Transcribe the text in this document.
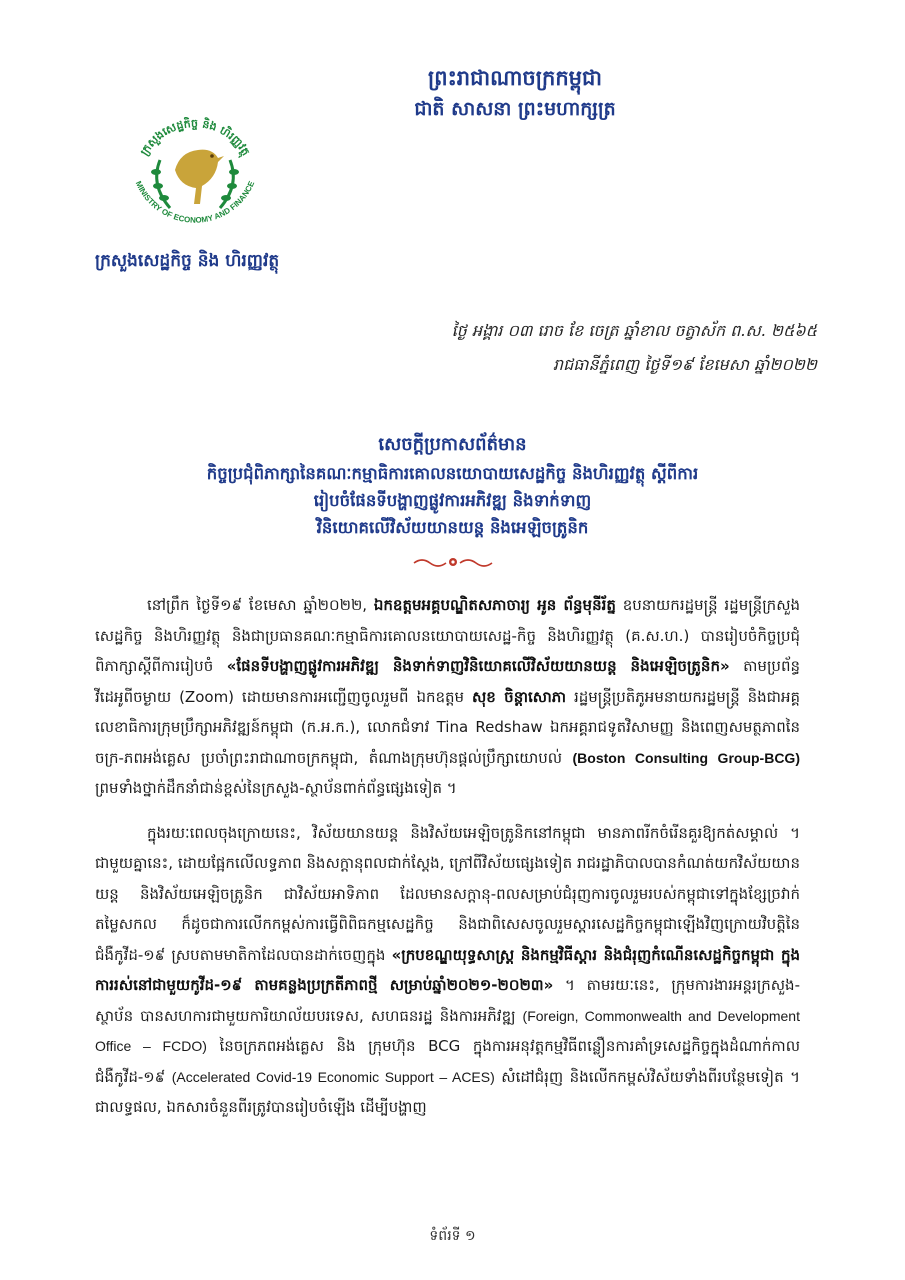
ព្រះរាជាណាចក្រកម្ពុជា
ជាតិ សាសនា ព្រះមហាក្សត្រ
ក្រសួងសេដ្ឋកិច្ច និង ហិរញ្ញវត្ថុ
MINISTRY OF ECONOMY AND FINANCE
ក្រសួងសេដ្ឋកិច្ច និង ហិរញ្ញវត្ថុ
ថ្ងៃ អង្គារ ០៣ រោច ខែ ចេត្រ ឆ្នាំខាល ចត្វាស័ក ព.ស. ២៥៦៥
រាជធានីភ្នំពេញ ថ្ងៃទី១៩ ខែមេសា ឆ្នាំ២០២២
សេចក្តីប្រកាសព័ត៌មាន
កិច្ចប្រជុំពិភាក្សានៃគណៈកម្មាធិការគោលនយោបាយសេដ្ឋកិច្ច និងហិរញ្ញវត្ថុ ស្តីពីការ
រៀបចំផែនទីបង្ហាញផ្លូវការអភិវឌ្ឍ និងទាក់ទាញ
វិនិយោគលើវិស័យយានយន្ត និងអេឡិចត្រូនិក

នៅព្រឹក ថ្ងៃទី១៩ ខែមេសា ឆ្នាំ២០២២, ឯកឧត្តមអគ្គបណ្ឌិតសភាចារ្យ អូន ព័ន្ធមុនីរ័ត្ន ឧបនាយករដ្ឋមន្ត្រី រដ្ឋមន្ត្រីក្រសួងសេដ្ឋកិច្ច និងហិរញ្ញវត្ថុ និងជាប្រធានគណៈកម្មាធិការគោលនយោបាយសេដ្ឋ-កិច្ច និងហិរញ្ញវត្ថុ (គ.ស.ហ.) បានរៀបចំកិច្ចប្រជុំពិភាក្សាស្តីពីការរៀបចំ «ផែនទីបង្ហាញផ្លូវការអភិវឌ្ឍ និងទាក់ទាញវិនិយោគលើវិស័យយានយន្ត និងអេឡិចត្រូនិក» តាមប្រព័ន្ធវីដេអូពីចម្ងាយ (Zoom) ដោយមានការអញ្ជើញចូលរួមពី ឯកឧត្តម សុខ ចិន្តាសោភា រដ្ឋមន្ត្រីប្រតិភូអមនាយករដ្ឋមន្ត្រី និងជាអគ្គលេខាធិការក្រុមប្រឹក្សាអភិវឌ្ឍន៍កម្ពុជា (ក.អ.ក.), លោកជំទាវ Tina Redshaw ឯកអគ្គរាជទូតវិសាមញ្ញ និងពេញសមត្ថភាពនៃចក្រ-ភពអង់គ្លេស ប្រចាំព្រះរាជាណាចក្រកម្ពុជា, តំណាងក្រុមហ៊ុនផ្តល់ប្រឹក្សាយោបល់ (Boston Consulting Group-BCG) ព្រមទាំងថ្នាក់ដឹកនាំជាន់ខ្ពស់នៃក្រសួង-ស្ថាប័នពាក់ព័ន្ធផ្សេងទៀត ។

ក្នុងរយៈពេលចុងក្រោយនេះ, វិស័យយានយន្ត និងវិស័យអេឡិចត្រូនិកនៅកម្ពុជា មានភាពរីកចំរើនគួរឱ្យកត់សម្គាល់ ។ ជាមួយគ្នានេះ, ដោយផ្អែកលើលទ្ធភាព និងសក្តានុពលជាក់ស្តែង, ក្រៅពីវិស័យផ្សេងទៀត រាជរដ្ឋាភិបាលបានកំណត់យកវិស័យយានយន្ត និងវិស័យអេឡិចត្រូនិក ជាវិស័យអាទិភាព ដែលមានសក្តានុ-ពលសម្រាប់ជំរុញការចូលរួមរបស់កម្ពុជាទៅក្នុងខ្សែច្រវាក់តម្លៃសកល ក៏ដូចជាការលើកកម្ពស់ការធ្វើពិពិធកម្មសេដ្ឋកិច្ច និងជាពិសេសចូលរួមស្តារសេដ្ឋកិច្ចកម្ពុជាឡើងវិញក្រោយវិបត្តិនៃជំងឺកូវីដ-១៩ ស្របតាមមាតិកាដែលបានដាក់ចេញក្នុង «ក្របខណ្ឌយុទ្ធសាស្ត្រ និងកម្មវិធីស្តារ និងជំរុញកំណើនសេដ្ឋកិច្ចកម្ពុជា ក្នុងការរស់នៅជាមួយកូវីដ-១៩ តាមគន្លងប្រក្រតីភាពថ្មី សម្រាប់ឆ្នាំ២០២១-២០២៣» ។ តាមរយៈនេះ, ក្រុមការងារអន្តរក្រសួង-ស្ថាប័ន បានសហការជាមួយការិយាល័យបរទេស, សហធនរដ្ឋ និងការអភិវឌ្ឍ (Foreign, Commonwealth and Development Office – FCDO) នៃចក្រភពអង់គ្លេស និង ក្រុមហ៊ុន BCG ក្នុងការអនុវត្តកម្មវិធីពន្លឿនការគាំទ្រសេដ្ឋកិច្ចក្នុងដំណាក់កាលជំងឺកូវីដ-១៩ (Accelerated Covid-19 Economic Support – ACES) សំដៅជំរុញ និងលើកកម្ពស់វិស័យទាំងពីរបន្ថែមទៀត ។ ជាលទ្ធផល, ឯកសារចំនួនពីរត្រូវបានរៀបចំឡើង ដើម្បីបង្ហាញ

ទំព័រទី ១
